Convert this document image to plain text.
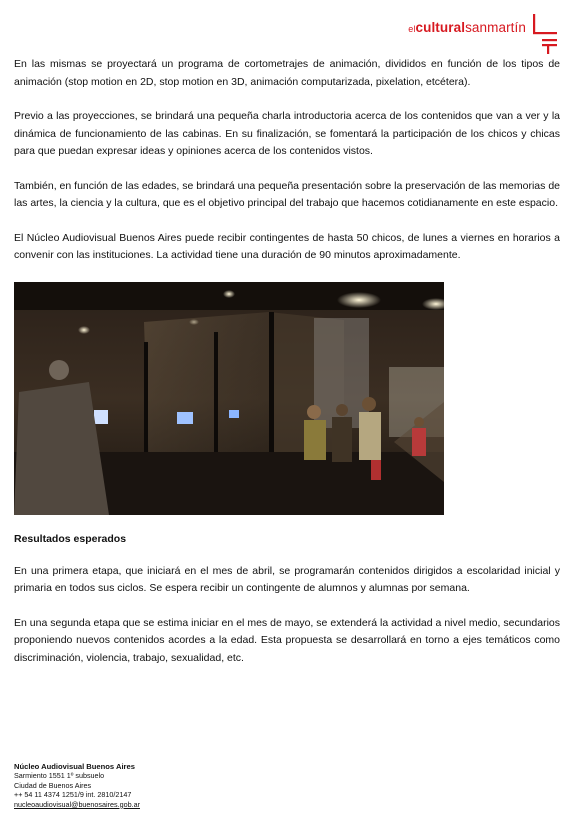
elculturalsanmartín

En las mismas se proyectará un programa de cortometrajes de animación, divididos en función de los tipos de animación (stop motion en 2D, stop motion en 3D, animación computarizada, pixelation, etcétera).

Previo a las proyecciones, se brindará una pequeña charla introductoria acerca de los contenidos que van a ver y la dinámica de funcionamiento de las cabinas. En su finalización, se fomentará la participación de los chicos y chicas para que puedan expresar ideas y opiniones acerca de los contenidos vistos.

También, en función de las edades, se brindará una pequeña presentación sobre la preservación de las memorias de las artes, la ciencia y la cultura, que es el objetivo principal del trabajo que hacemos cotidianamente en este espacio.

El Núcleo Audiovisual Buenos Aires puede recibir contingentes de hasta 50 chicos, de lunes a viernes en horarios a convenir con las instituciones. La actividad tiene una duración de 90 minutos aproximadamente.

Resultados esperados

En una primera etapa, que iniciará en el mes de abril, se programarán contenidos dirigidos a escolaridad inicial y primaria en todos sus ciclos. Se espera recibir un contingente de alumnos y alumnas por semana.

En una segunda etapa que se estima iniciar en el mes de mayo, se extenderá la actividad a nivel medio, secundarios proponiendo nuevos contenidos acordes a la edad. Esta propuesta se desarrollará en torno a ejes temáticos como discriminación, violencia, trabajo, sexualidad, etc.

Núcleo Audiovisual Buenos Aires
Sarmiento 1551 1º subsuelo
Ciudad de Buenos Aires
++ 54 11 4374 1251/9 int. 2810/2147
nucleoaudiovisual@buenosaires.gob.ar
